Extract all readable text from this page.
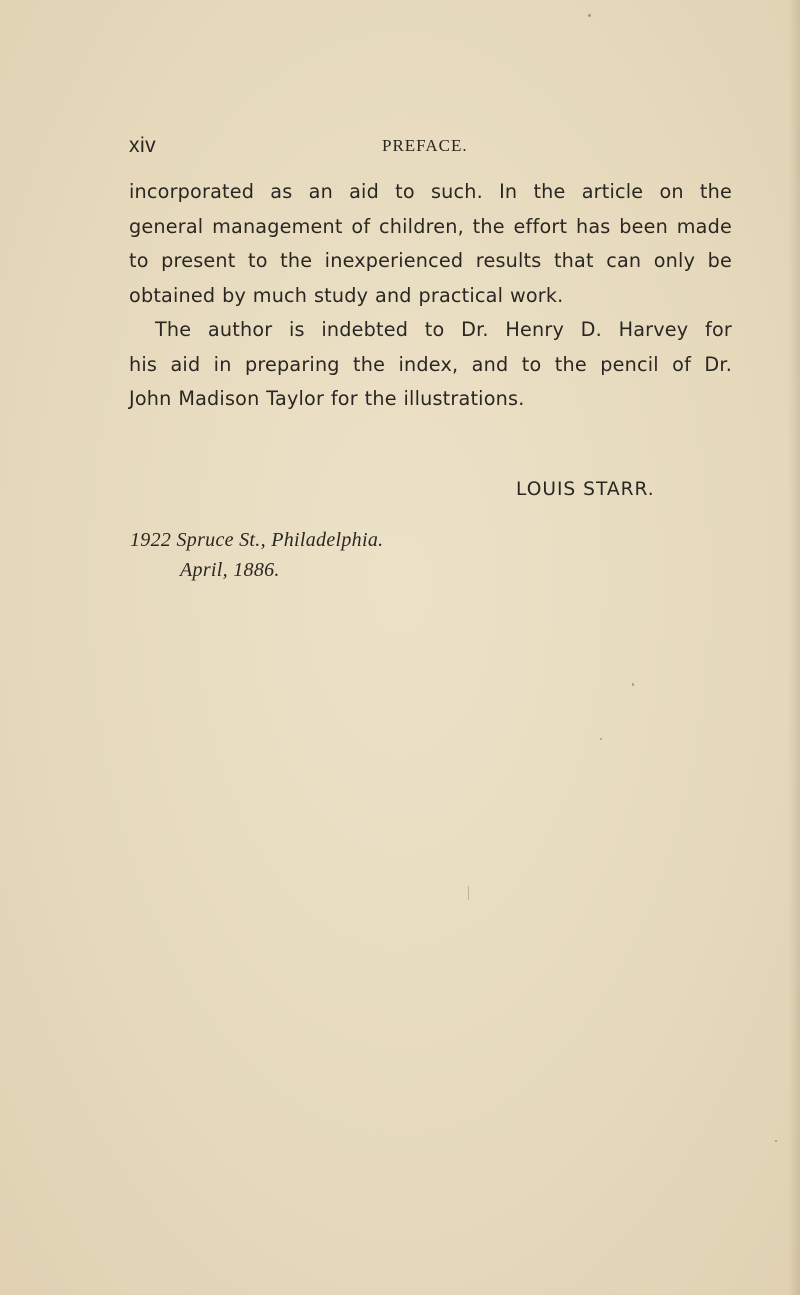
xiv	PREFACE.
incorporated as an aid to such. In the article on the
general management of children, the effort has been made
to present to the inexperienced results that can only be
obtained by much study and practical work.
The author is indebted to Dr. Henry D. Harvey for
his aid in preparing the index, and to the pencil of Dr.
John Madison Taylor for the illustrations.
LOUIS STARR.
1922 Spruce St., Philadelphia.
April, 1886.
